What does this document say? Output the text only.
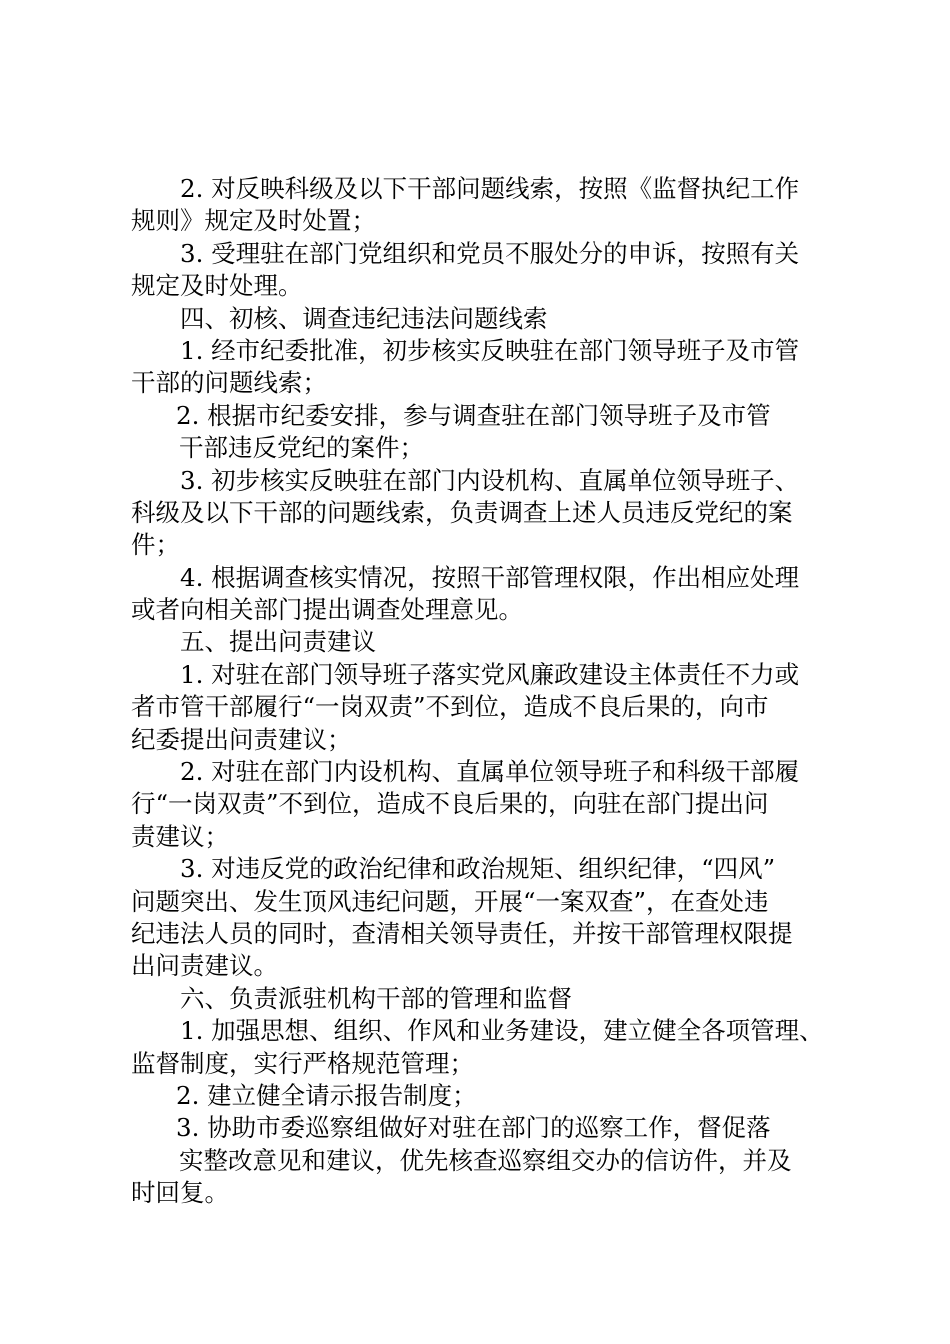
2. 对反映科级及以下干部问题线索，按照《监督执纪工作
规则》规定及时处置；
3. 受理驻在部门党组织和党员不服处分的申诉，按照有关
规定及时处理。
四、初核、调查违纪违法问题线索
1. 经市纪委批准，初步核实反映驻在部门领导班子及市管
干部的问题线索；
2. 根据市纪委安排，参与调查驻在部门领导班子及市管
干部违反党纪的案件；
3. 初步核实反映驻在部门内设机构、直属单位领导班子、
科级及以下干部的问题线索，负责调查上述人员违反党纪的案
件；
4. 根据调查核实情况，按照干部管理权限，作出相应处理
或者向相关部门提出调查处理意见。
五、提出问责建议
1. 对驻在部门领导班子落实党风廉政建设主体责任不力或
者市管干部履行“一岗双责”不到位，造成不良后果的，向市
纪委提出问责建议；
2. 对驻在部门内设机构、直属单位领导班子和科级干部履
行“一岗双责”不到位，造成不良后果的，向驻在部门提出问
责建议；
3. 对违反党的政治纪律和政治规矩、组织纪律，“四风”
问题突出、发生顶风违纪问题，开展“一案双查”，在查处违
纪违法人员的同时，查清相关领导责任，并按干部管理权限提
出问责建议。
六、负责派驻机构干部的管理和监督
1. 加强思想、组织、作风和业务建设，建立健全各项管理、
监督制度，实行严格规范管理；
2. 建立健全请示报告制度；
3. 协助市委巡察组做好对驻在部门的巡察工作，督促落
实整改意见和建议，优先核查巡察组交办的信访件，并及
时回复。
